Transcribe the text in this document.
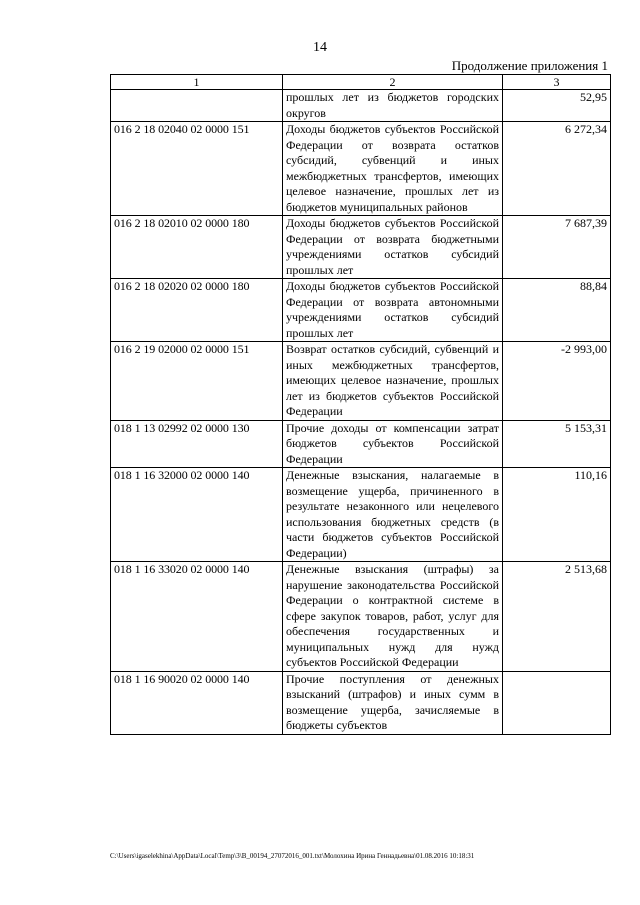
14
Продолжение приложения 1
1	2	3
	прошлых лет из бюджетов городских округов	52,95
016 2 18 02040 02 0000 151	Доходы бюджетов субъектов Российской Федерации от возврата остатков субсидий, субвенций и иных межбюджетных трансфертов, имеющих целевое назначение, прошлых лет из бюджетов муниципальных районов	6 272,34
016 2 18 02010 02 0000 180	Доходы бюджетов субъектов Российской Федерации от возврата бюджетными учреждениями остатков субсидий прошлых лет	7 687,39
016 2 18 02020 02 0000 180	Доходы бюджетов субъектов Российской Федерации от возврата автономными учреждениями остатков субсидий прошлых лет	88,84
016 2 19 02000 02 0000 151	Возврат остатков субсидий, субвенций и иных межбюджетных трансфертов, имеющих целевое назначение, прошлых лет из бюджетов субъектов Российской Федерации	-2 993,00
018 1 13 02992 02 0000 130	Прочие доходы от компенсации затрат бюджетов субъектов Российской Федерации	5 153,31
018 1 16 32000 02 0000 140	Денежные взыскания, налагаемые в возмещение ущерба, причиненного в результате незаконного или нецелевого использования бюджетных средств (в части бюджетов субъектов Российской Федерации)	110,16
018 1 16 33020 02 0000 140	Денежные взыскания (штрафы) за нарушение законодательства Российской Федерации о контрактной системе в сфере закупок товаров, работ, услуг для обеспечения государственных и муниципальных нужд для нужд субъектов Российской Федерации	2 513,68
018 1 16 90020 02 0000 140	Прочие поступления от денежных взысканий (штрафов) и иных сумм в возмещение ущерба, зачисляемые в бюджеты субъектов	
C:\Users\igaselekhina\AppData\Local\Temp\3\B_00194_27072016_001.txt\Молохина Ирина Геннадьевна\01.08.2016 10:18:31
